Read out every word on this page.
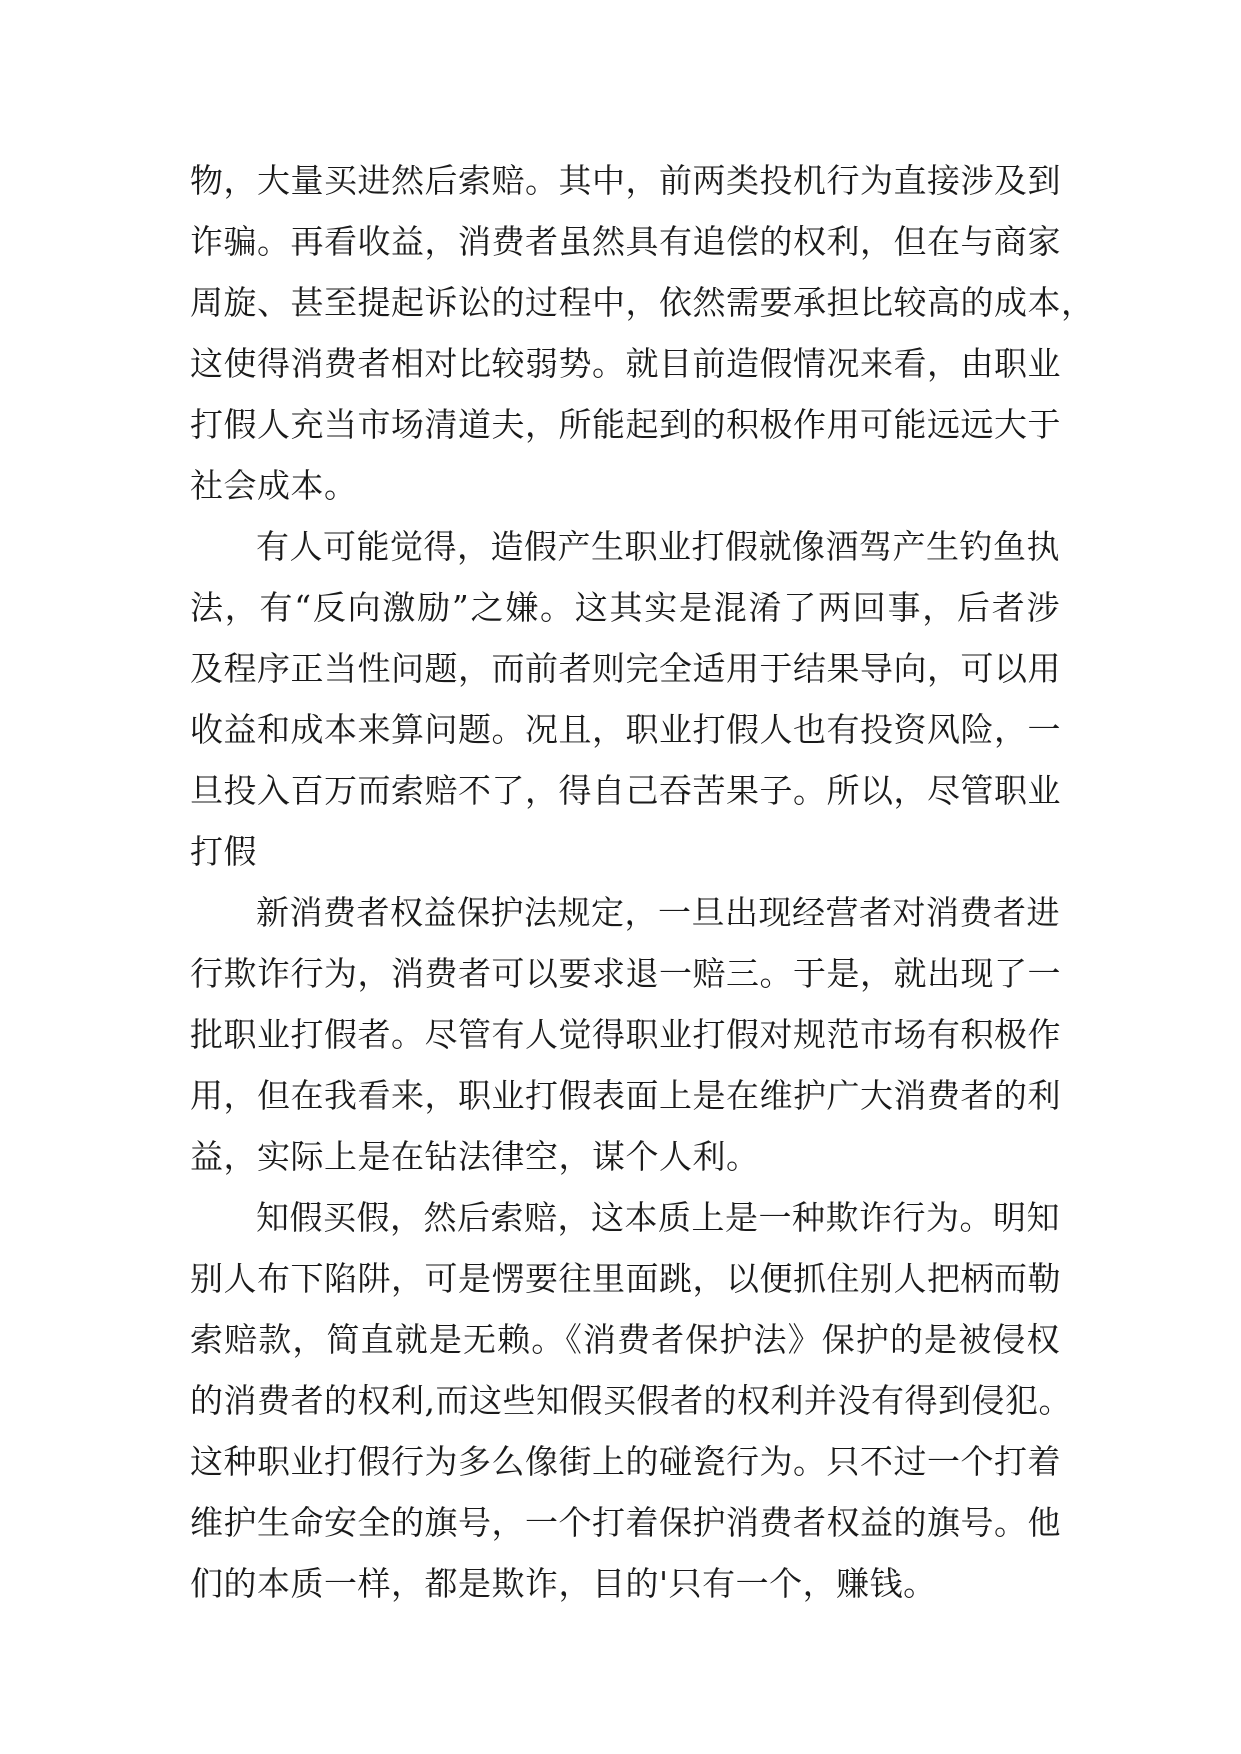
物，大量买进然后索赔。其中，前两类投机行为直接涉及到
诈骗。再看收益，消费者虽然具有追偿的权利，但在与商家
周旋、甚至提起诉讼的过程中，依然需要承担比较高的成本，
这使得消费者相对比较弱势。就目前造假情况来看，由职业
打假人充当市场清道夫，所能起到的积极作用可能远远大于
社会成本。
有人可能觉得，造假产生职业打假就像酒驾产生钓鱼执
法，有“反向激励”之嫌。这其实是混淆了两回事，后者涉
及程序正当性问题，而前者则完全适用于结果导向，可以用
收益和成本来算问题。况且，职业打假人也有投资风险，一
旦投入百万而索赔不了，得自己吞苦果子。所以，尽管职业
打假
新消费者权益保护法规定，一旦出现经营者对消费者进
行欺诈行为，消费者可以要求退一赔三。于是，就出现了一
批职业打假者。尽管有人觉得职业打假对规范市场有积极作
用，但在我看来，职业打假表面上是在维护广大消费者的利
益，实际上是在钻法律空，谋个人利。
知假买假，然后索赔，这本质上是一种欺诈行为。明知
别人布下陷阱，可是愣要往里面跳，以便抓住别人把柄而勒
索赔款，简直就是无赖。《消费者保护法》保护的是被侵权
的消费者的权利,而这些知假买假者的权利并没有得到侵犯。
这种职业打假行为多么像街上的碰瓷行为。只不过一个打着
维护生命安全的旗号，一个打着保护消费者权益的旗号。他
们的本质一样，都是欺诈，目的'只有一个，赚钱。
